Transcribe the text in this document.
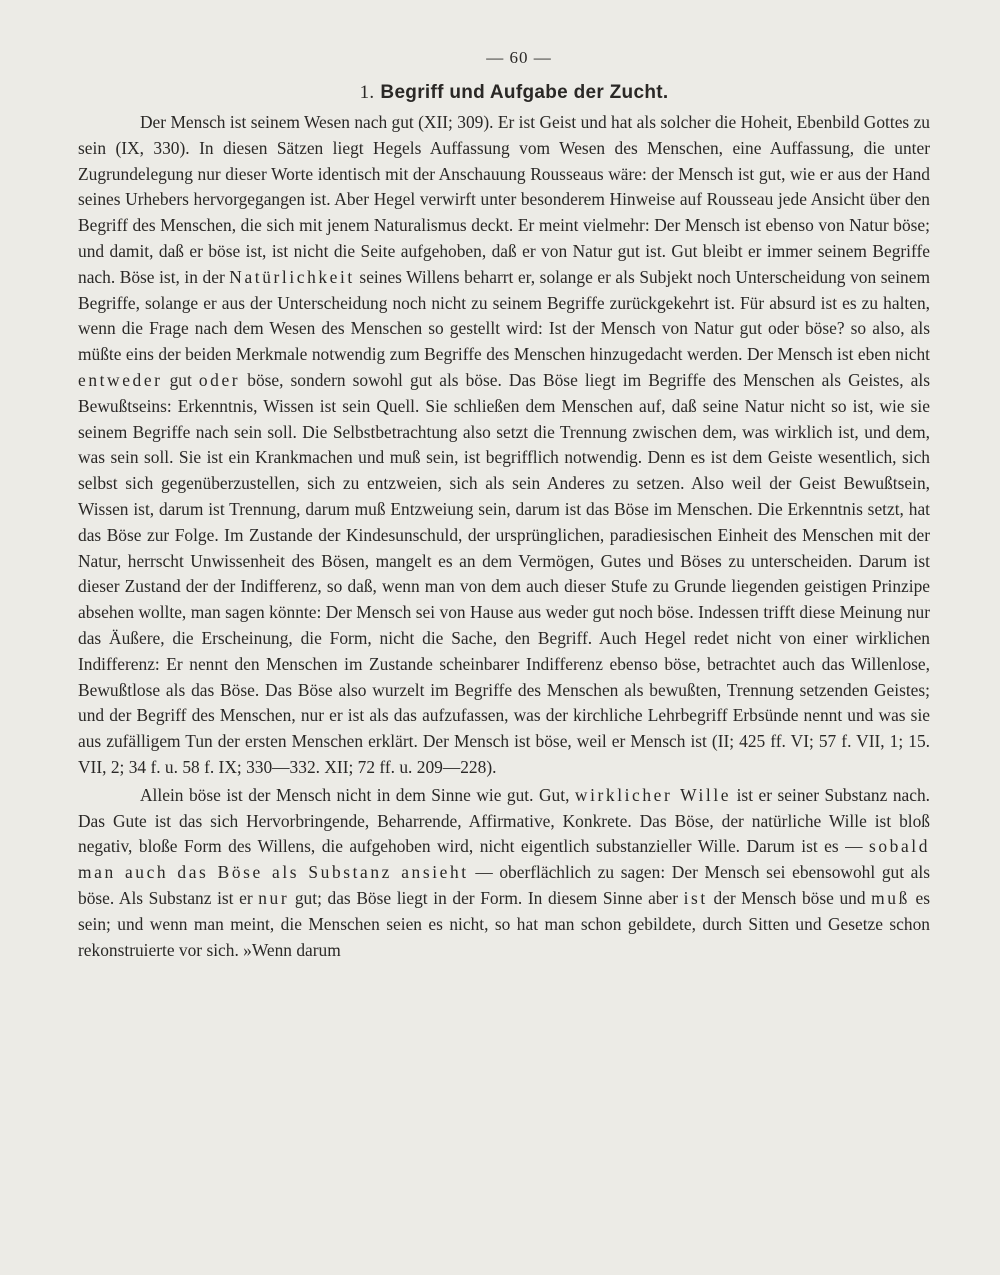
— 60 —
1. Begriff und Aufgabe der Zucht.

Der Mensch ist seinem Wesen nach gut (XII; 309). Er ist Geist und hat als solcher die Hoheit, Ebenbild Gottes zu sein (IX, 330). In diesen Sätzen liegt Hegels Auffassung vom Wesen des Menschen, eine Auffassung, die unter Zugrundelegung nur dieser Worte identisch mit der Anschauung Rousseaus wäre: der Mensch ist gut, wie er aus der Hand seines Urhebers hervorgegangen ist. Aber Hegel verwirft unter besonderem Hinweise auf Rousseau jede Ansicht über den Begriff des Menschen, die sich mit jenem Naturalismus deckt. Er meint vielmehr: Der Mensch ist ebenso von Natur böse; und damit, daß er böse ist, ist nicht die Seite aufgehoben, daß er von Natur gut ist. Gut bleibt er immer seinem Begriffe nach. Böse ist, in der Natürlichkeit seines Willens beharrt er, solange er als Subjekt noch Unterscheidung von seinem Begriffe, solange er aus der Unterscheidung noch nicht zu seinem Begriffe zurückgekehrt ist. Für absurd ist es zu halten, wenn die Frage nach dem Wesen des Menschen so gestellt wird: Ist der Mensch von Natur gut oder böse? so also, als müßte eins der beiden Merkmale notwendig zum Begriffe des Menschen hinzugedacht werden. Der Mensch ist eben nicht entweder gut oder böse, sondern sowohl gut als böse. Das Böse liegt im Begriffe des Menschen als Geistes, als Bewußtseins: Erkenntnis, Wissen ist sein Quell. Sie schließen dem Menschen auf, daß seine Natur nicht so ist, wie sie seinem Begriffe nach sein soll. Die Selbstbetrachtung also setzt die Trennung zwischen dem, was wirklich ist, und dem, was sein soll. Sie ist ein Krankmachen und muß sein, ist begrifflich notwendig. Denn es ist dem Geiste wesentlich, sich selbst sich gegenüberzustellen, sich zu entzweien, sich als sein Anderes zu setzen. Also weil der Geist Bewußtsein, Wissen ist, darum ist Trennung, darum muß Entzweiung sein, darum ist das Böse im Menschen. Die Erkenntnis setzt, hat das Böse zur Folge. Im Zustande der Kindesunschuld, der ursprünglichen, paradiesischen Einheit des Menschen mit der Natur, herrscht Unwissenheit des Bösen, mangelt es an dem Vermögen, Gutes und Böses zu unterscheiden. Darum ist dieser Zustand der der Indifferenz, so daß, wenn man von dem auch dieser Stufe zu Grunde liegenden geistigen Prinzipe absehen wollte, man sagen könnte: Der Mensch sei von Hause aus weder gut noch böse. Indessen trifft diese Meinung nur das Äußere, die Erscheinung, die Form, nicht die Sache, den Begriff. Auch Hegel redet nicht von einer wirklichen Indifferenz: Er nennt den Menschen im Zustande scheinbarer Indifferenz ebenso böse, betrachtet auch das Willenlose, Bewußtlose als das Böse. Das Böse also wurzelt im Begriffe des Menschen als bewußten, Trennung setzenden Geistes; und der Begriff des Menschen, nur er ist als das aufzufassen, was der kirchliche Lehrbegriff Erbsünde nennt und was sie aus zufälligem Tun der ersten Menschen erklärt. Der Mensch ist böse, weil er Mensch ist (II; 425 ff. VI; 57 f. VII, 1; 15. VII, 2; 34 f. u. 58 f. IX; 330—332. XII; 72 ff. u. 209—228).

Allein böse ist der Mensch nicht in dem Sinne wie gut. Gut, wirklicher Wille ist er seiner Substanz nach. Das Gute ist das sich Hervorbringende, Beharrende, Affirmative, Konkrete. Das Böse, der natürliche Wille ist bloß negativ, bloße Form des Willens, die aufgehoben wird, nicht eigentlich substanzieller Wille. Darum ist es — sobald man auch das Böse als Substanz ansieht — oberflächlich zu sagen: Der Mensch sei ebensowohl gut als böse. Als Substanz ist er nur gut; das Böse liegt in der Form. In diesem Sinne aber ist der Mensch böse und muß es sein; und wenn man meint, die Menschen seien es nicht, so hat man schon gebildete, durch Sitten und Gesetze schon rekonstruierte vor sich. »Wenn darum
